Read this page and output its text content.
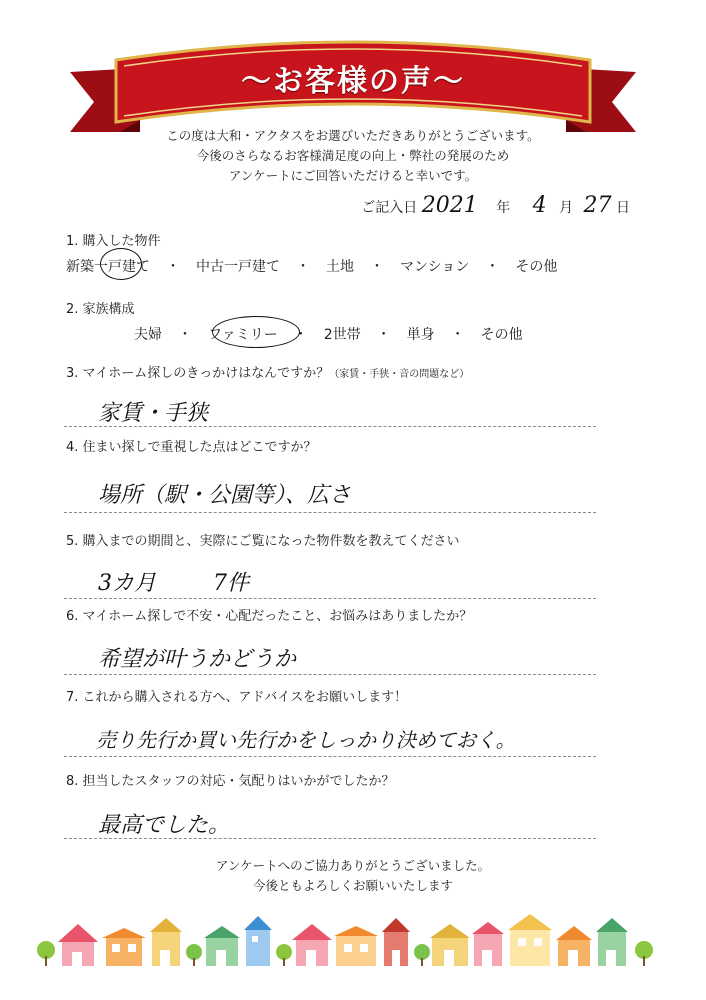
〜お客様の声〜
この度は大和・アクタスをお選びいただきありがとうございます。
今後のさらなるお客様満足度の向上・弊社の発展のため
アンケートにご回答いただけると幸いです。
ご記入日 2021 年 4 月 27 日
1. 購入した物件
新築一戸建て ・ 中古一戸建て ・ 土地 ・ マンション ・ その他
2. 家族構成
夫婦 ・ ファミリー ・ 2世帯 ・ 単身 ・ その他
3. マイホーム探しのきっかけはなんですか？（家賃・手狭・音の問題など）
家賃・手狭
4. 住まい探しで重視した点はどこですか？
場所（駅・公園等）、広さ
5. 購入までの期間と、実際にご覧になった物件数を教えてください
3カ月	7件
6. マイホーム探しで不安・心配だったこと、お悩みはありましたか？
希望が叶うかどうか
7. これから購入される方へ、アドバイスをお願いします！
売り先行か買い先行かをしっかり決めておく。
8. 担当したスタッフの対応・気配りはいかがでしたか？
最高でした。
アンケートへのご協力ありがとうございました。
今後ともよろしくお願いいたします
